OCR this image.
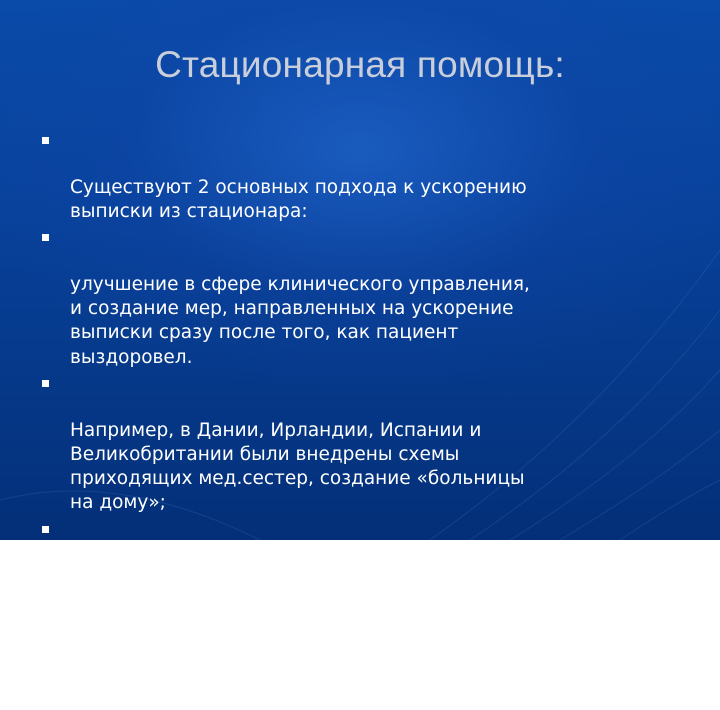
Стационарная помощь:

Существуют 2 основных подхода к ускорению
выписки из стационара:

улучшение в сфере клинического управления,
и создание мер, направленных на ускорение
выписки сразу после того, как пациент
выздоровел.

Например, в Дании, Ирландии, Испании и
Великобритании были внедрены схемы
приходящих мед.сестер, создание «больницы
на дому»;

комплексные программы реабилитации в США;

в Бельгии и др. странах - переоборудование
маленьких больниц в дома по уходу за
пациентами.
